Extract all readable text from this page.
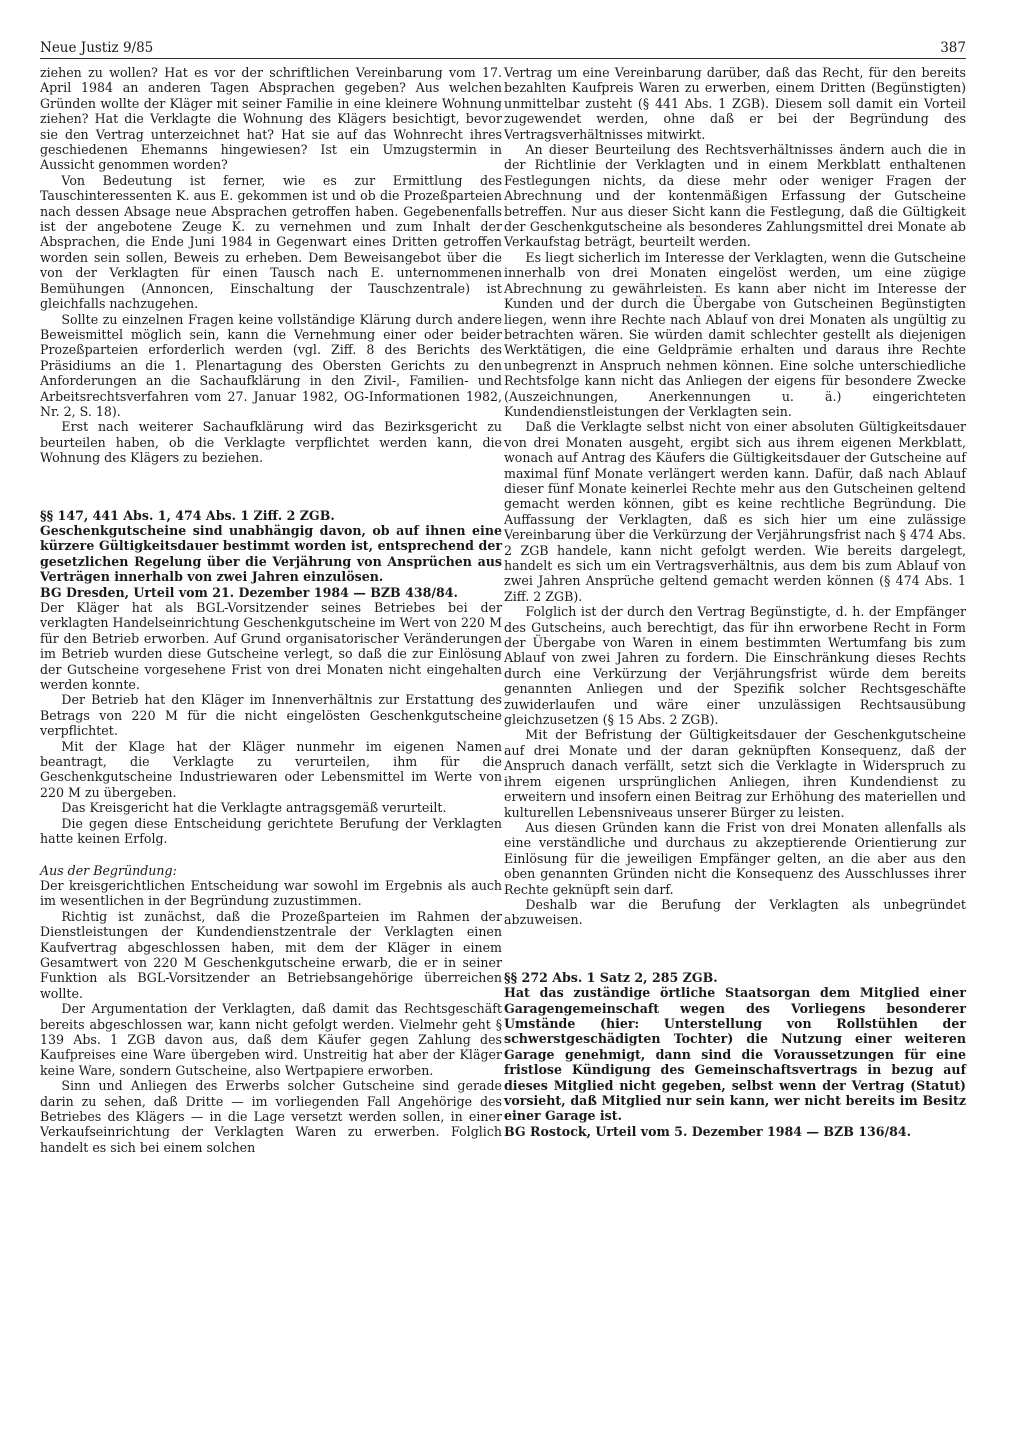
Neue Justiz 9/85	387

ziehen zu wollen? Hat es vor der schriftlichen Vereinbarung vom 17. April 1984 an anderen Tagen Absprachen gegeben? Aus welchen Gründen wollte der Kläger mit seiner Familie in eine kleinere Wohnung ziehen? Hat die Verklagte die Wohnung des Klägers besichtigt, bevor sie den Vertrag unterzeichnet hat? Hat sie auf das Wohnrecht ihres geschiedenen Ehemanns hingewiesen? Ist ein Umzugstermin in Aussicht genommen worden?

Von Bedeutung ist ferner, wie es zur Ermittlung des Tauschinteressenten K. aus E. gekommen ist und ob die Prozeßparteien nach dessen Absage neue Absprachen getroffen haben. Gegebenenfalls ist der angebotene Zeuge K. zu vernehmen und zum Inhalt der Absprachen, die Ende Juni 1984 in Gegenwart eines Dritten getroffen worden sein sollen, Beweis zu erheben. Dem Beweisangebot über die von der Verklagten für einen Tausch nach E. unternommenen Bemühungen (Annoncen, Einschaltung der Tauschzentrale) ist gleichfalls nachzugehen.

Sollte zu einzelnen Fragen keine vollständige Klärung durch andere Beweismittel möglich sein, kann die Vernehmung einer oder beider Prozeßparteien erforderlich werden (vgl. Ziff. 8 des Berichts des Präsidiums an die 1. Plenartagung des Obersten Gerichts zu den Anforderungen an die Sachaufklärung in den Zivil-, Familien- und Arbeitsrechtsverfahren vom 27. Januar 1982, OG-Informationen 1982, Nr. 2, S. 18).

Erst nach weiterer Sachaufklärung wird das Bezirksgericht zu beurteilen haben, ob die Verklagte verpflichtet werden kann, die Wohnung des Klägers zu beziehen.

§§ 147, 441 Abs. 1, 474 Abs. 1 Ziff. 2 ZGB.

Geschenkgutscheine sind unabhängig davon, ob auf ihnen eine kürzere Gültigkeitsdauer bestimmt worden ist, entsprechend der gesetzlichen Regelung über die Verjährung von Ansprüchen aus Verträgen innerhalb von zwei Jahren einzulösen.

BG Dresden, Urteil vom 21. Dezember 1984 — BZB 438/84.

Der Kläger hat als BGL-Vorsitzender seines Betriebes bei der verklagten Handelseinrichtung Geschenkgutscheine im Wert von 220 M für den Betrieb erworben. Auf Grund organisatorischer Veränderungen im Betrieb wurden diese Gutscheine verlegt, so daß die zur Einlösung der Gutscheine vorgesehene Frist von drei Monaten nicht eingehalten werden konnte.

Der Betrieb hat den Kläger im Innenverhältnis zur Erstattung des Betrags von 220 M für die nicht eingelösten Geschenkgutscheine verpflichtet.

Mit der Klage hat der Kläger nunmehr im eigenen Namen beantragt, die Verklagte zu verurteilen, ihm für die Geschenkgutscheine Industriewaren oder Lebensmittel im Werte von 220 M zu übergeben.

Das Kreisgericht hat die Verklagte antragsgemäß verurteilt.

Die gegen diese Entscheidung gerichtete Berufung der Verklagten hatte keinen Erfolg.

Aus der Begründung:

Der kreisgerichtlichen Entscheidung war sowohl im Ergebnis als auch im wesentlichen in der Begründung zuzustimmen.

Richtig ist zunächst, daß die Prozeßparteien im Rahmen der Dienstleistungen der Kundendienstzentrale der Verklagten einen Kaufvertrag abgeschlossen haben, mit dem der Kläger in einem Gesamtwert von 220 M Geschenkgutscheine erwarb, die er in seiner Funktion als BGL-Vorsitzender an Betriebsangehörige überreichen wollte.

Der Argumentation der Verklagten, daß damit das Rechtsgeschäft bereits abgeschlossen war, kann nicht gefolgt werden. Vielmehr geht § 139 Abs. 1 ZGB davon aus, daß dem Käufer gegen Zahlung des Kaufpreises eine Ware übergeben wird. Unstreitig hat aber der Kläger keine Ware, sondern Gutscheine, also Wertpapiere erworben.

Sinn und Anliegen des Erwerbs solcher Gutscheine sind gerade darin zu sehen, daß Dritte — im vorliegenden Fall Angehörige des Betriebes des Klägers — in die Lage versetzt werden sollen, in einer Verkaufseinrichtung der Verklagten Waren zu erwerben. Folglich handelt es sich bei einem solchen

Vertrag um eine Vereinbarung darüber, daß das Recht, für den bereits bezahlten Kaufpreis Waren zu erwerben, einem Dritten (Begünstigten) unmittelbar zusteht (§ 441 Abs. 1 ZGB). Diesem soll damit ein Vorteil zugewendet werden, ohne daß er bei der Begründung des Vertragsverhältnisses mitwirkt.

An dieser Beurteilung des Rechtsverhältnisses ändern auch die in der Richtlinie der Verklagten und in einem Merkblatt enthaltenen Festlegungen nichts, da diese mehr oder weniger Fragen der Abrechnung und der kontenmäßigen Erfassung der Gutscheine betreffen. Nur aus dieser Sicht kann die Festlegung, daß die Gültigkeit der Geschenkgutscheine als besonderes Zahlungsmittel drei Monate ab Verkaufstag beträgt, beurteilt werden.

Es liegt sicherlich im Interesse der Verklagten, wenn die Gutscheine innerhalb von drei Monaten eingelöst werden, um eine zügige Abrechnung zu gewährleisten. Es kann aber nicht im Interesse der Kunden und der durch die Übergabe von Gutscheinen Begünstigten liegen, wenn ihre Rechte nach Ablauf von drei Monaten als ungültig zu betrachten wären. Sie würden damit schlechter gestellt als diejenigen Werktätigen, die eine Geldprämie erhalten und daraus ihre Rechte unbegrenzt in Anspruch nehmen können. Eine solche unterschiedliche Rechtsfolge kann nicht das Anliegen der eigens für besondere Zwecke (Auszeichnungen, Anerkennungen u. ä.) eingerichteten Kundendienstleistungen der Verklagten sein.

Daß die Verklagte selbst nicht von einer absoluten Gültigkeitsdauer von drei Monaten ausgeht, ergibt sich aus ihrem eigenen Merkblatt, wonach auf Antrag des Käufers die Gültigkeitsdauer der Gutscheine auf maximal fünf Monate verlängert werden kann. Dafür, daß nach Ablauf dieser fünf Monate keinerlei Rechte mehr aus den Gutscheinen geltend gemacht werden können, gibt es keine rechtliche Begründung. Die Auffassung der Verklagten, daß es sich hier um eine zulässige Vereinbarung über die Verkürzung der Verjährungsfrist nach § 474 Abs. 2 ZGB handele, kann nicht gefolgt werden. Wie bereits dargelegt, handelt es sich um ein Vertragsverhältnis, aus dem bis zum Ablauf von zwei Jahren Ansprüche geltend gemacht werden können (§ 474 Abs. 1 Ziff. 2 ZGB).

Folglich ist der durch den Vertrag Begünstigte, d. h. der Empfänger des Gutscheins, auch berechtigt, das für ihn erworbene Recht in Form der Übergabe von Waren in einem bestimmten Wertumfang bis zum Ablauf von zwei Jahren zu fordern. Die Einschränkung dieses Rechts durch eine Verkürzung der Verjährungsfrist würde dem bereits genannten Anliegen und der Spezifik solcher Rechtsgeschäfte zuwiderlaufen und wäre einer unzulässigen Rechtsausübung gleichzusetzen (§ 15 Abs. 2 ZGB).

Mit der Befristung der Gültigkeitsdauer der Geschenkgutscheine auf drei Monate und der daran geknüpften Konsequenz, daß der Anspruch danach verfällt, setzt sich die Verklagte in Widerspruch zu ihrem eigenen ursprünglichen Anliegen, ihren Kundendienst zu erweitern und insofern einen Beitrag zur Erhöhung des materiellen und kulturellen Lebensniveaus unserer Bürger zu leisten.

Aus diesen Gründen kann die Frist von drei Monaten allenfalls als eine verständliche und durchaus zu akzeptierende Orientierung zur Einlösung für die jeweiligen Empfänger gelten, an die aber aus den oben genannten Gründen nicht die Konsequenz des Ausschlusses ihrer Rechte geknüpft sein darf.

Deshalb war die Berufung der Verklagten als unbegründet abzuweisen.

§§ 272 Abs. 1 Satz 2, 285 ZGB.

Hat das zuständige örtliche Staatsorgan dem Mitglied einer Garagengemeinschaft wegen des Vorliegens besonderer Umstände (hier: Unterstellung von Rollstühlen der schwerstgeschädigten Tochter) die Nutzung einer weiteren Garage genehmigt, dann sind die Voraussetzungen für eine fristlose Kündigung des Gemeinschaftsvertrags in bezug auf dieses Mitglied nicht gegeben, selbst wenn der Vertrag (Statut) vorsieht, daß Mitglied nur sein kann, wer nicht bereits im Besitz einer Garage ist.

BG Rostock, Urteil vom 5. Dezember 1984 — BZB 136/84.
